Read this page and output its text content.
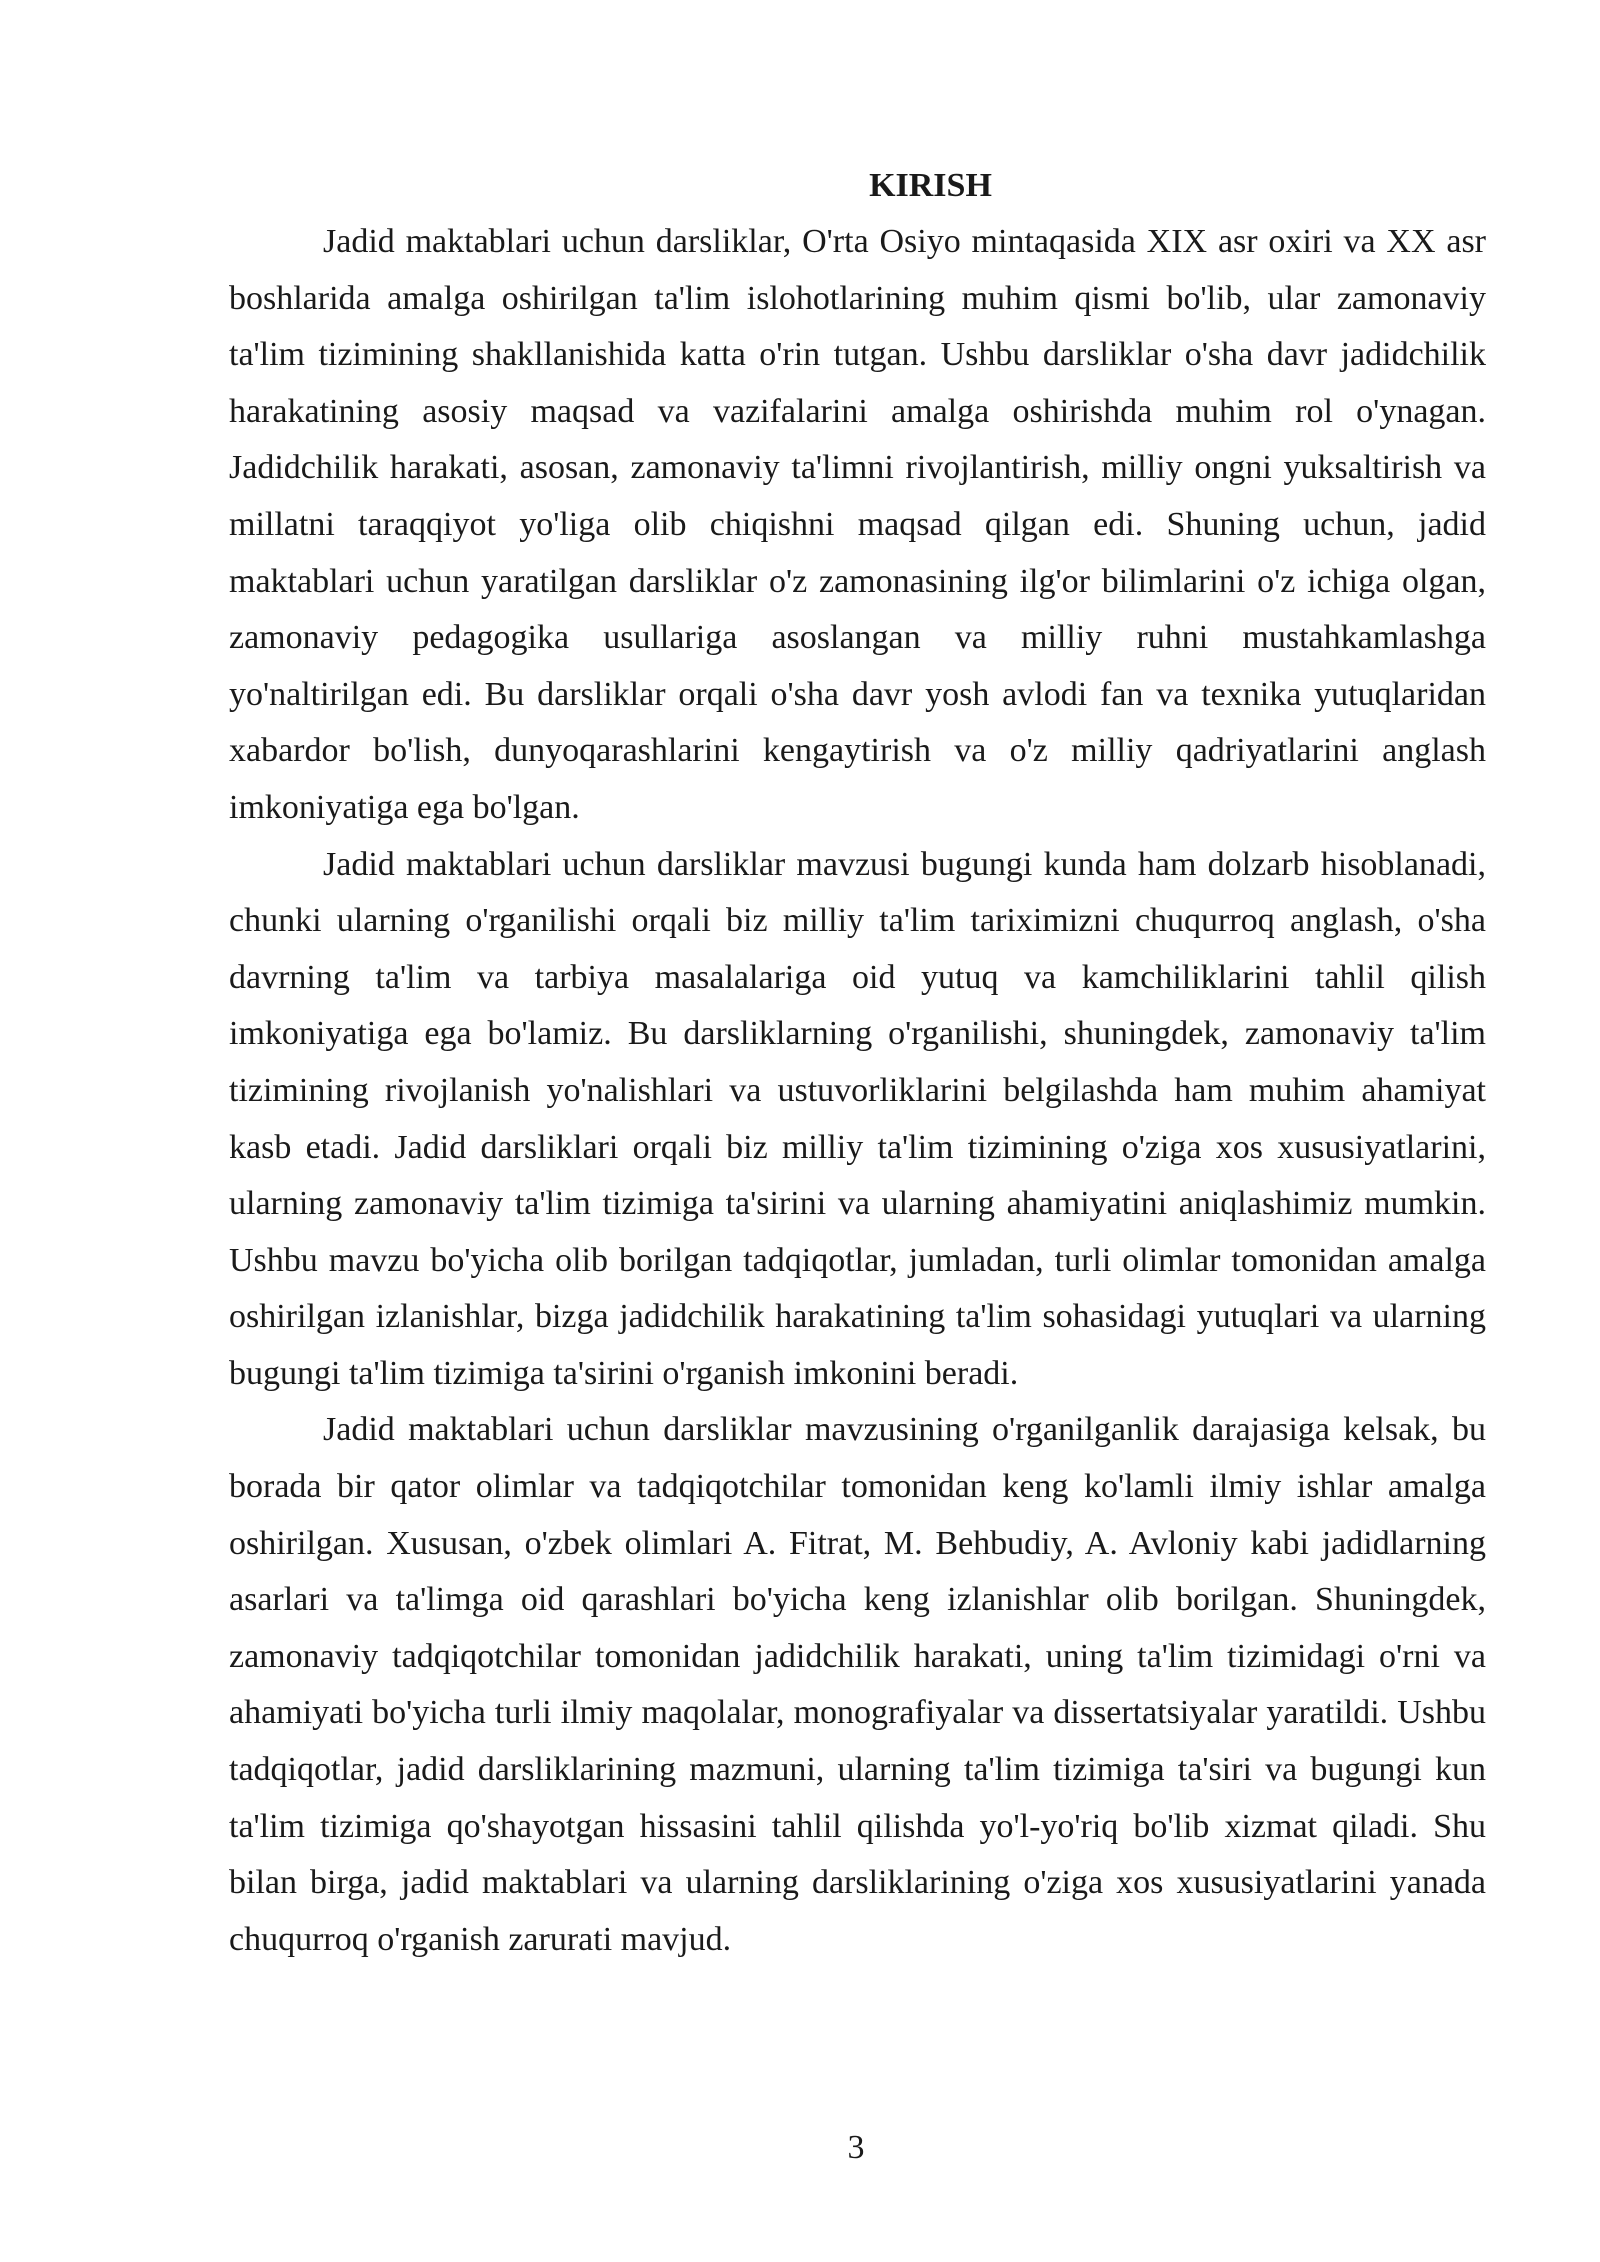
KIRISH

Jadid maktablari uchun darsliklar, O'rta Osiyo mintaqasida XIX asr oxiri va XX asr boshlarida amalga oshirilgan ta'lim islohotlarining muhim qismi bo'lib, ular zamonaviy ta'lim tizimining shakllanishida katta o'rin tutgan. Ushbu darsliklar o'sha davr jadidchilik harakatining asosiy maqsad va vazifalarini amalga oshirishda muhim rol o'ynagan. Jadidchilik harakati, asosan, zamonaviy ta'limni rivojlantirish, milliy ongni yuksaltirish va millatni taraqqiyot yo'liga olib chiqishni maqsad qilgan edi. Shuning uchun, jadid maktablari uchun yaratilgan darsliklar o'z zamonasining ilg'or bilimlarini o'z ichiga olgan, zamonaviy pedagogika usullariga asoslangan va milliy ruhni mustahkamlashga yo'naltirilgan edi. Bu darsliklar orqali o'sha davr yosh avlodi fan va texnika yutuqlaridan xabardor bo'lish, dunyoqarashlarini kengaytirish va o'z milliy qadriyatlarini anglash imkoniyatiga ega bo'lgan.

Jadid maktablari uchun darsliklar mavzusi bugungi kunda ham dolzarb hisoblanadi, chunki ularning o'rganilishi orqali biz milliy ta'lim tariximizni chuqurroq anglash, o'sha davrning ta'lim va tarbiya masalalariga oid yutuq va kamchiliklarini tahlil qilish imkoniyatiga ega bo'lamiz. Bu darsliklarning o'rganilishi, shuningdek, zamonaviy ta'lim tizimining rivojlanish yo'nalishlari va ustuvorliklarini belgilashda ham muhim ahamiyat kasb etadi. Jadid darsliklari orqali biz milliy ta'lim tizimining o'ziga xos xususiyatlarini, ularning zamonaviy ta'lim tizimiga ta'sirini va ularning ahamiyatini aniqlashimiz mumkin. Ushbu mavzu bo'yicha olib borilgan tadqiqotlar, jumladan, turli olimlar tomonidan amalga oshirilgan izlanishlar, bizga jadidchilik harakatining ta'lim sohasidagi yutuqlari va ularning bugungi ta'lim tizimiga ta'sirini o'rganish imkonini beradi.

Jadid maktablari uchun darsliklar mavzusining o'rganilganlik darajasiga kelsak, bu borada bir qator olimlar va tadqiqotchilar tomonidan keng ko'lamli ilmiy ishlar amalga oshirilgan. Xususan, o'zbek olimlari A. Fitrat, M. Behbudiy, A. Avloniy kabi jadidlarning asarlari va ta'limga oid qarashlari bo'yicha keng izlanishlar olib borilgan. Shuningdek, zamonaviy tadqiqotchilar tomonidan jadidchilik harakati, uning ta'lim tizimidagi o'rni va ahamiyati bo'yicha turli ilmiy maqolalar, monografiyalar va dissertatsiyalar yaratildi. Ushbu tadqiqotlar, jadid darsliklarining mazmuni, ularning ta'lim tizimiga ta'siri va bugungi kun ta'lim tizimiga qo'shayotgan hissasini tahlil qilishda yo'l-yo'riq bo'lib xizmat qiladi. Shu bilan birga, jadid maktablari va ularning darsliklarining o'ziga xos xususiyatlarini yanada chuqurroq o'rganish zarurati mavjud.

3
